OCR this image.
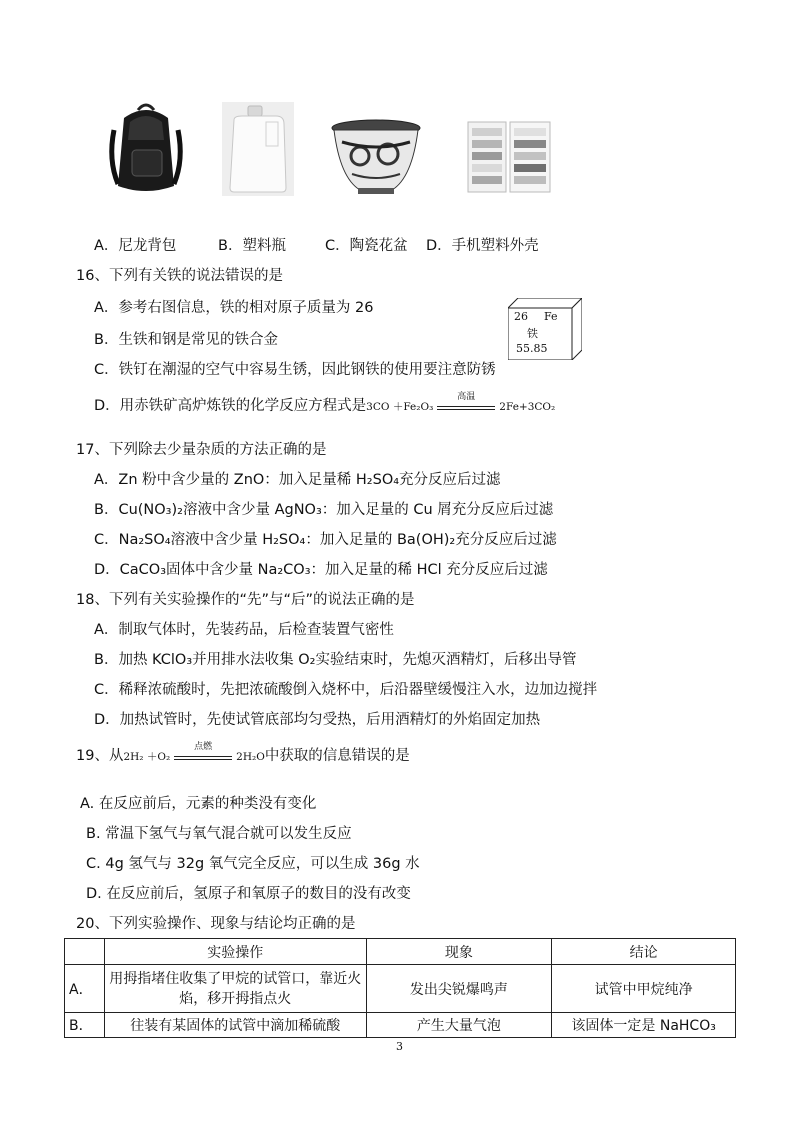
A．尼龙背包	B．塑料瓶	C．陶瓷花盆 D．手机塑料外壳
16、下列有关铁的说法错误的是
A．参考右图信息，铁的相对原子质量为 26
B．生铁和钢是常见的铁合金
C．铁钉在潮湿的空气中容易生锈，因此钢铁的使用要注意防锈
D．用赤铁矿高炉炼铁的化学反应方程式是3CO ＋Fe₂O₃
高温
2Fe+3CO₂
26 Fe
铁
55.85
17、下列除去少量杂质的方法正确的是
A．Zn 粉中含少量的 ZnO：加入足量稀 H₂SO₄充分反应后过滤
B．Cu(NO₃)₂溶液中含少量 AgNO₃：加入足量的 Cu 屑充分反应后过滤
C．Na₂SO₄溶液中含少量 H₂SO₄：加入足量的 Ba(OH)₂充分反应后过滤
D．CaCO₃固体中含少量 Na₂CO₃：加入足量的稀 HCl 充分反应后过滤
18、下列有关实验操作的“先”与“后”的说法正确的是
A．制取气体时，先装药品，后检查装置气密性
B．加热 KClO₃并用排水法收集 O₂实验结束时，先熄灭酒精灯，后移出导管
C．稀释浓硫酸时，先把浓硫酸倒入烧杯中，后沿器壁缓慢注入水，边加边搅拌
D．加热试管时，先使试管底部均匀受热，后用酒精灯的外焰固定加热
19、从2H₂ ＋O₂
点燃
2H₂O中获取的信息错误的是
A. 在反应前后，元素的种类没有变化
B. 常温下氢气与氧气混合就可以发生反应
C. 4g 氢气与 32g 氧气完全反应，可以生成 36g 水
D. 在反应前后，氢原子和氧原子的数目的没有改变
20、下列实验操作、现象与结论均正确的是
	实验操作	现象	结论
A．	用拇指堵住收集了甲烷的试管口，靠近火焰，移开拇指点火	发出尖锐爆鸣声	试管中甲烷纯净
B．	往装有某固体的试管中滴加稀硫酸	产生大量气泡	该固体一定是 NaHCO₃
3
